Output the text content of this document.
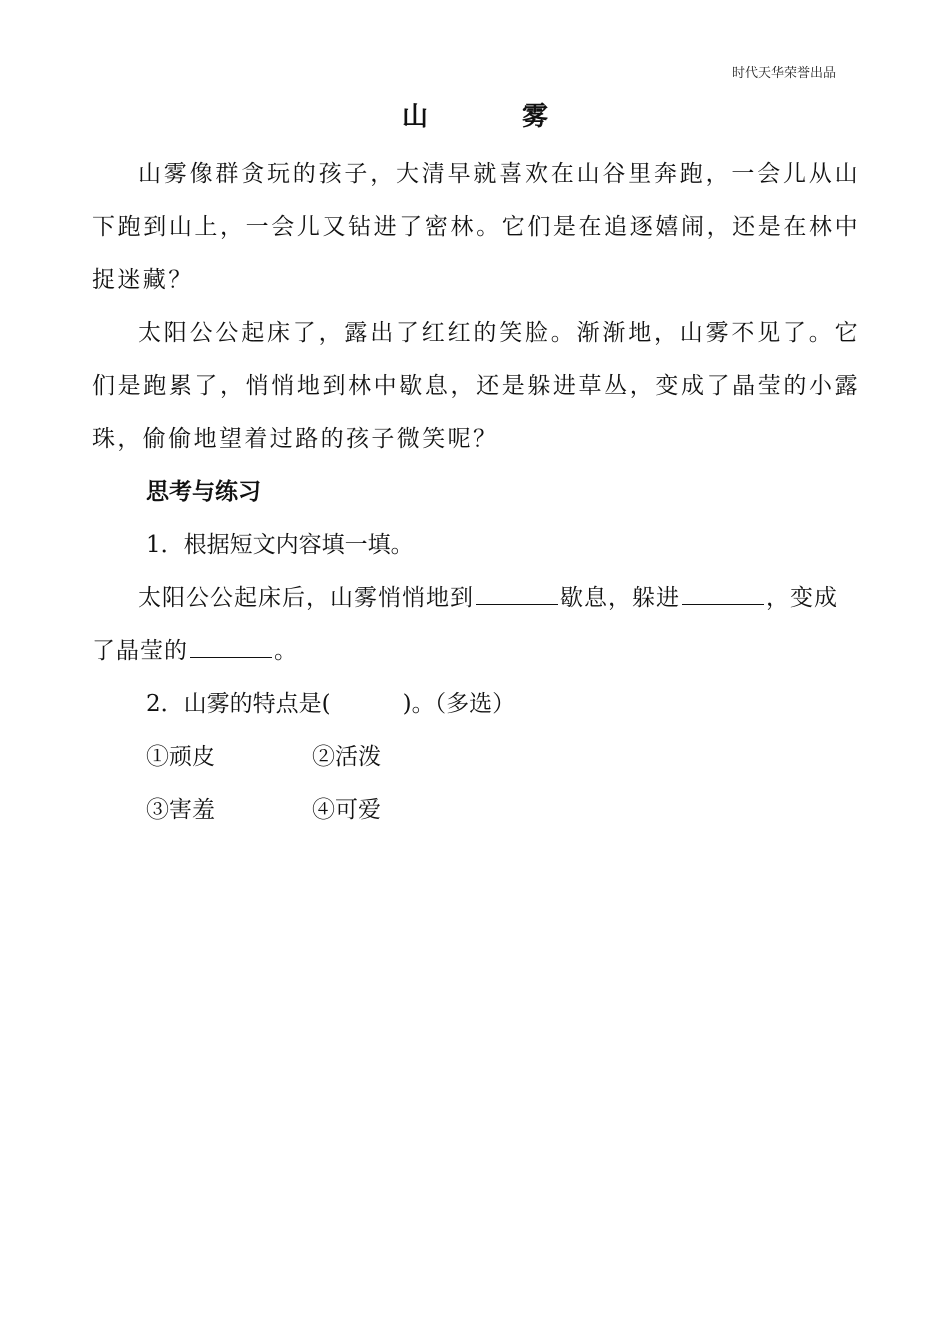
时代天华荣誉出品
山　雾

山雾像群贪玩的孩子，大清早就喜欢在山谷里奔跑，一会儿从山下跑到山上，一会儿又钻进了密林。它们是在追逐嬉闹，还是在林中捉迷藏？

太阳公公起床了，露出了红红的笑脸。渐渐地，山雾不见了。它们是跑累了，悄悄地到林中歇息，还是躲进草丛，变成了晶莹的小露珠，偷偷地望着过路的孩子微笑呢？

思考与练习

1．根据短文内容填一填。

太阳公公起床后，山雾悄悄地到	歇息，躲进	，变成了晶莹的	。

2．山雾的特点是(	)。（多选）

①顽皮	②活泼
③害羞	④可爱
